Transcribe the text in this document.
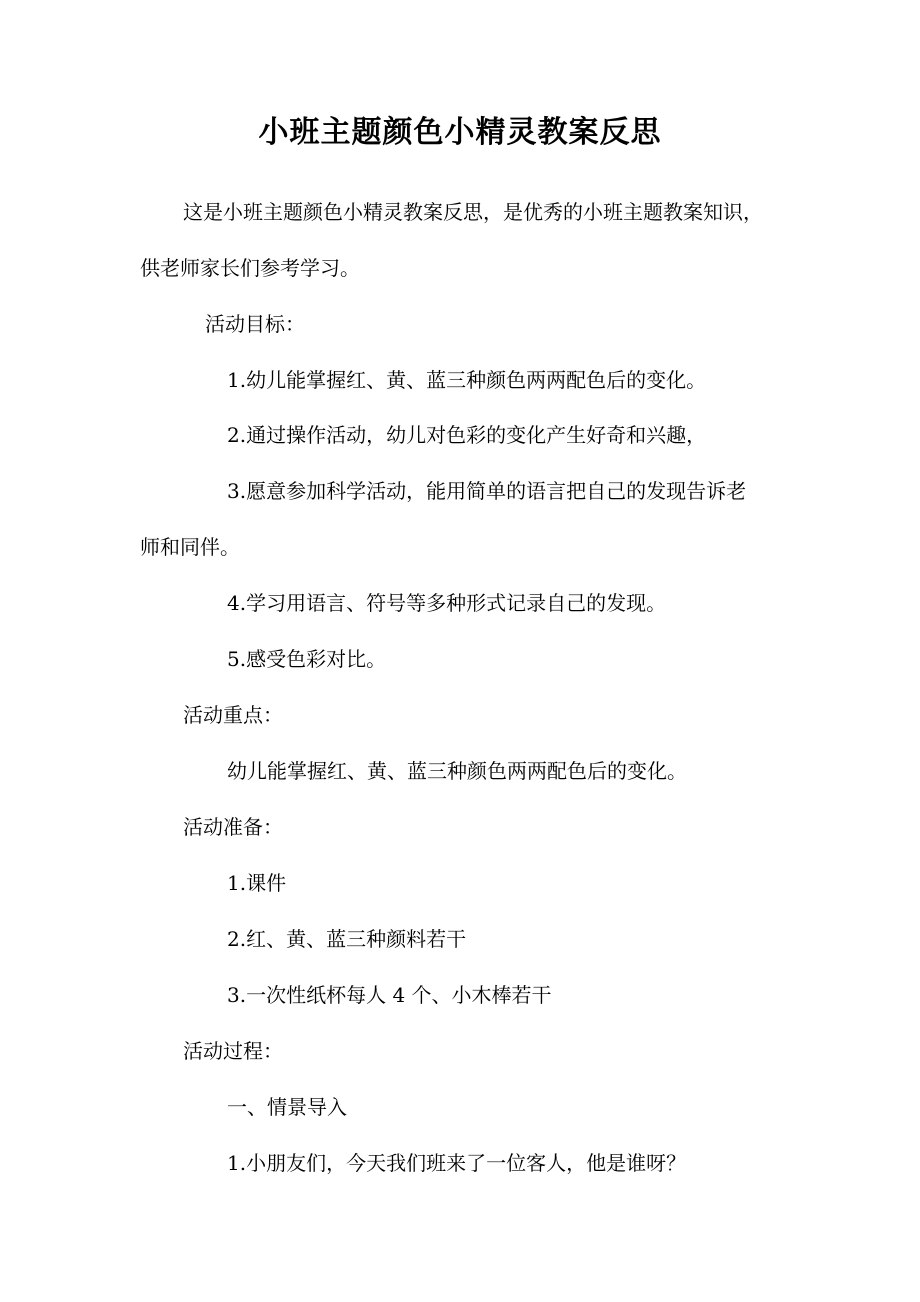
小班主题颜色小精灵教案反思
这是小班主题颜色小精灵教案反思，是优秀的小班主题教案知识，
供老师家长们参考学习。
活动目标：
1.幼儿能掌握红、黄、蓝三种颜色两两配色后的变化。
2.通过操作活动，幼儿对色彩的变化产生好奇和兴趣，
3.愿意参加科学活动，能用简单的语言把自己的发现告诉老
师和同伴。
4.学习用语言、符号等多种形式记录自己的发现。
5.感受色彩对比。
活动重点：
幼儿能掌握红、黄、蓝三种颜色两两配色后的变化。
活动准备：
1.课件
2.红、黄、蓝三种颜料若干
3.一次性纸杯每人 4 个、小木棒若干
活动过程：
一、情景导入
1.小朋友们，今天我们班来了一位客人，他是谁呀？
